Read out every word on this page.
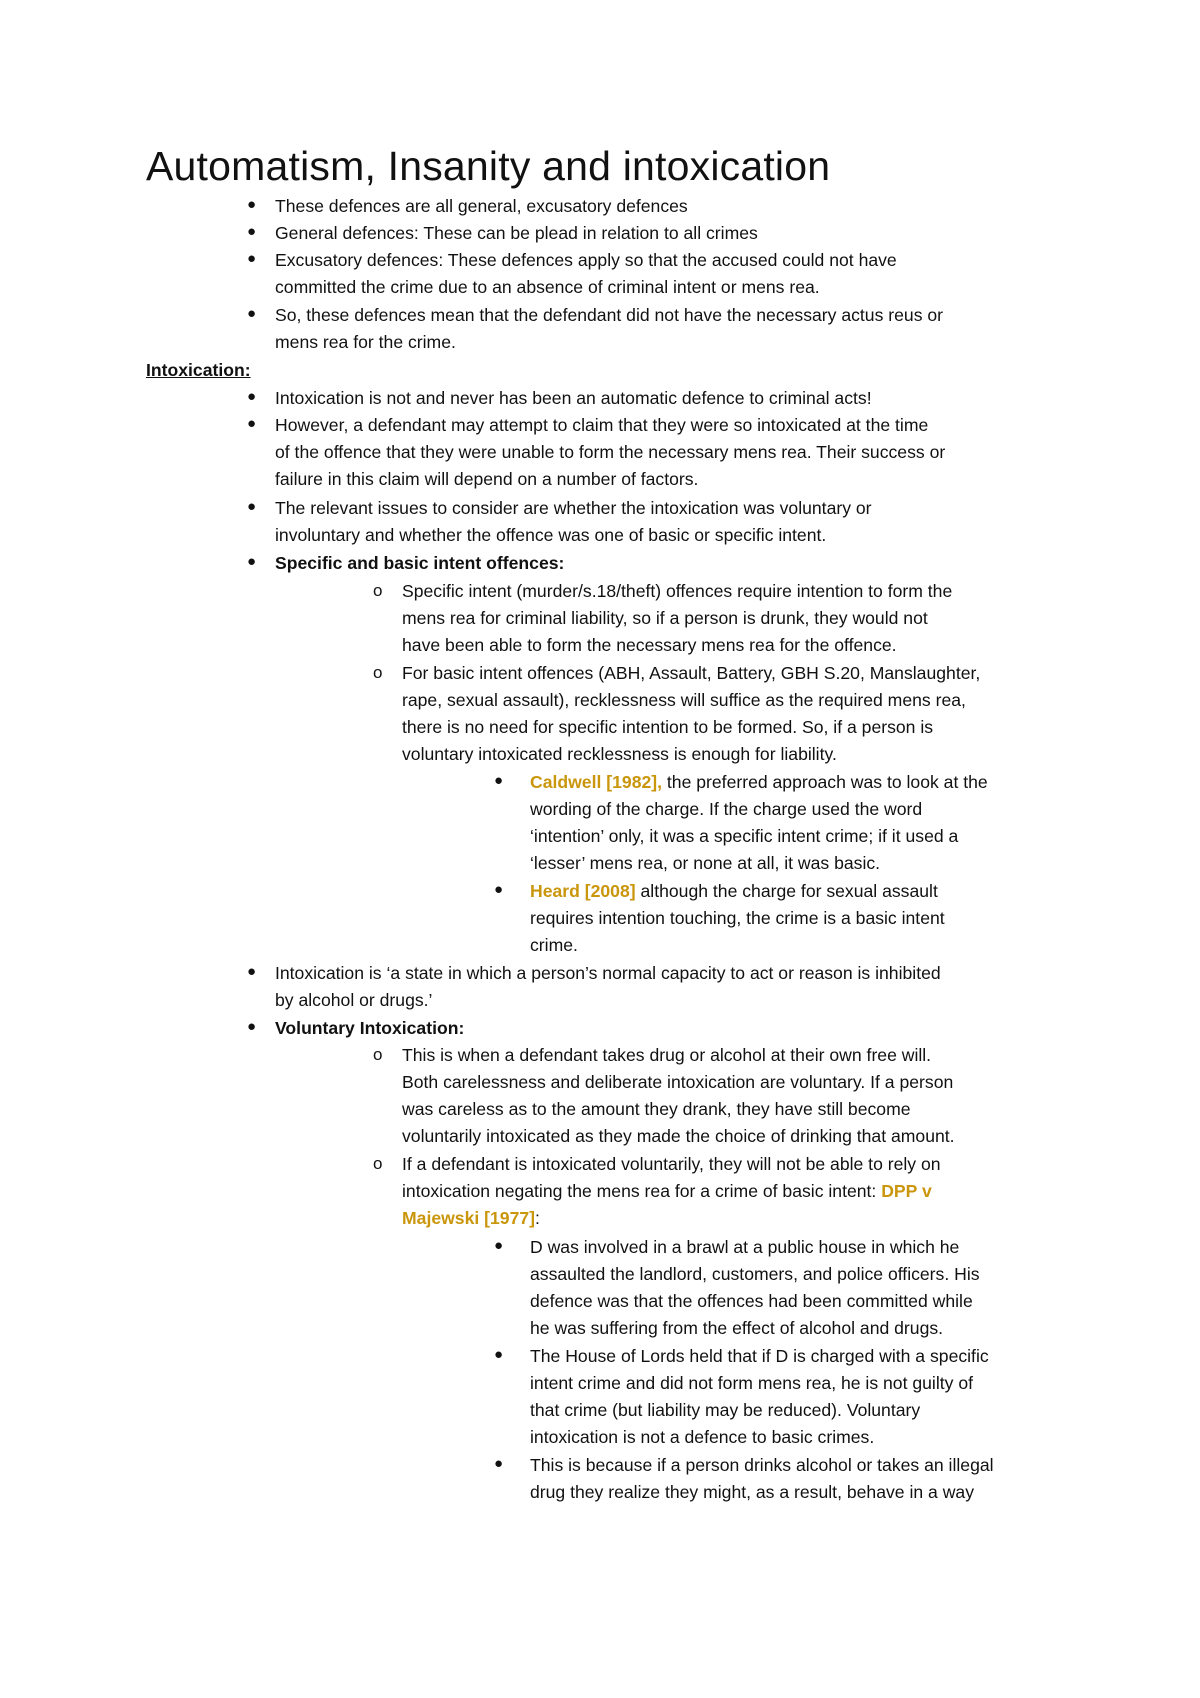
Automatism, Insanity and intoxication
●
These defences are all general, excusatory defences
●
General defences: These can be plead in relation to all crimes
●
Excusatory defences: These defences apply so that the accused could not have
committed the crime due to an absence of criminal intent or mens rea.
●
So, these defences mean that the defendant did not have the necessary actus reus or
mens rea for the crime.
Intoxication:
●
Intoxication is not and never has been an automatic defence to criminal acts!
●
However, a defendant may attempt to claim that they were so intoxicated at the time
of the offence that they were unable to form the necessary mens rea. Their success or
failure in this claim will depend on a number of factors.
●
The relevant issues to consider are whether the intoxication was voluntary or
involuntary and whether the offence was one of basic or specific intent.
●
Specific and basic intent offences:
o
Specific intent (murder/s.18/theft) offences require intention to form the
mens rea for criminal liability, so if a person is drunk, they would not
have been able to form the necessary mens rea for the offence.
o
For basic intent offences (ABH, Assault, Battery, GBH S.20, Manslaughter,
rape, sexual assault), recklessness will suffice as the required mens rea,
there is no need for specific intention to be formed. So, if a person is
voluntary intoxicated recklessness is enough for liability.
●
Caldwell [1982], the preferred approach was to look at the
wording of the charge. If the charge used the word
‘intention’ only, it was a specific intent crime; if it used a
‘lesser’ mens rea, or none at all, it was basic.
●
Heard [2008] although the charge for sexual assault
requires intention touching, the crime is a basic intent
crime.
●
Intoxication is ‘a state in which a person’s normal capacity to act or reason is inhibited
by alcohol or drugs.’
●
Voluntary Intoxication:
o
This is when a defendant takes drug or alcohol at their own free will.
Both carelessness and deliberate intoxication are voluntary. If a person
was careless as to the amount they drank, they have still become
voluntarily intoxicated as they made the choice of drinking that amount.
o
If a defendant is intoxicated voluntarily, they will not be able to rely on
intoxication negating the mens rea for a crime of basic intent: DPP v
Majewski [1977]:
●
D was involved in a brawl at a public house in which he
assaulted the landlord, customers, and police officers. His
defence was that the offences had been committed while
he was suffering from the effect of alcohol and drugs.
●
The House of Lords held that if D is charged with a specific
intent crime and did not form mens rea, he is not guilty of
that crime (but liability may be reduced). Voluntary
intoxication is not a defence to basic crimes.
●
This is because if a person drinks alcohol or takes an illegal
drug they realize they might, as a result, behave in a way
